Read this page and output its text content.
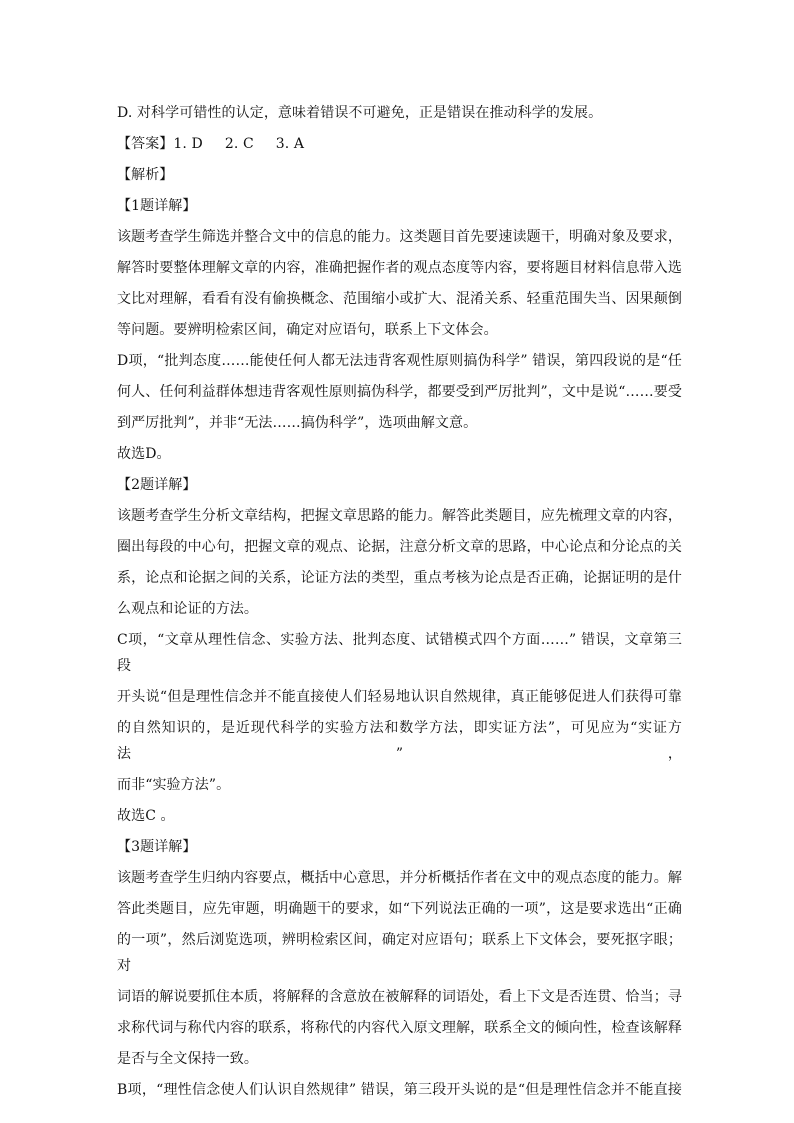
D. 对科学可错性的认定，意味着错误不可避免，正是错误在推动科学的发展。

【答案】1. D 2. C 3. A

【解析】

【1题详解】

该题考查学生筛选并整合文中的信息的能力。这类题目首先要速读题干，明确对象及要求，

解答时要整体理解文章的内容，准确把握作者的观点态度等内容，要将题目材料信息带入选

文比对理解，看看有没有偷换概念、范围缩小或扩大、混淆关系、轻重范围失当、因果颠倒

等问题。要辨明检索区间，确定对应语句，联系上下文体会。

D项，“批判态度……能使任何人都无法违背客观性原则搞伪科学” 错误，第四段说的是“任

何人、任何利益群体想违背客观性原则搞伪科学，都要受到严厉批判”，文中是说“……要受

到严厉批判”，并非“无法……搞伪科学”，选项曲解文意。

故选D。

【2题详解】

该题考查学生分析文章结构，把握文章思路的能力。解答此类题目，应先梳理文章的内容，

圈出每段的中心句，把握文章的观点、论据，注意分析文章的思路，中心论点和分论点的关

系，论点和论据之间的关系，论证方法的类型，重点考核为论点是否正确，论据证明的是什

么观点和论证的方法。

C项，“文章从理性信念、实验方法、批判态度、试错模式四个方面……” 错误，文章第三段

开头说“但是理性信念并不能直接使人们轻易地认识自然规律，真正能够促进人们获得可靠

的自然知识的，是近现代科学的实验方法和数学方法，即实证方法”，可见应为“实证方法”，

而非“实验方法”。

故选C 。

【3题详解】

该题考查学生归纳内容要点，概括中心意思，并分析概括作者在文中的观点态度的能力。解

答此类题目，应先审题，明确题干的要求，如“下列说法正确的一项”，这是要求选出“正确

的一项”，然后浏览选项，辨明检索区间，确定对应语句；联系上下文体会，要死抠字眼；对

词语的解说要抓住本质，将解释的含意放在被解释的词语处，看上下文是否连贯、恰当；寻

求称代词与称代内容的联系，将称代的内容代入原文理解，联系全文的倾向性，检查该解释

是否与全文保持一致。

B项，“理性信念使人们认识自然规律” 错误，第三段开头说的是“但是理性信念并不能直接
